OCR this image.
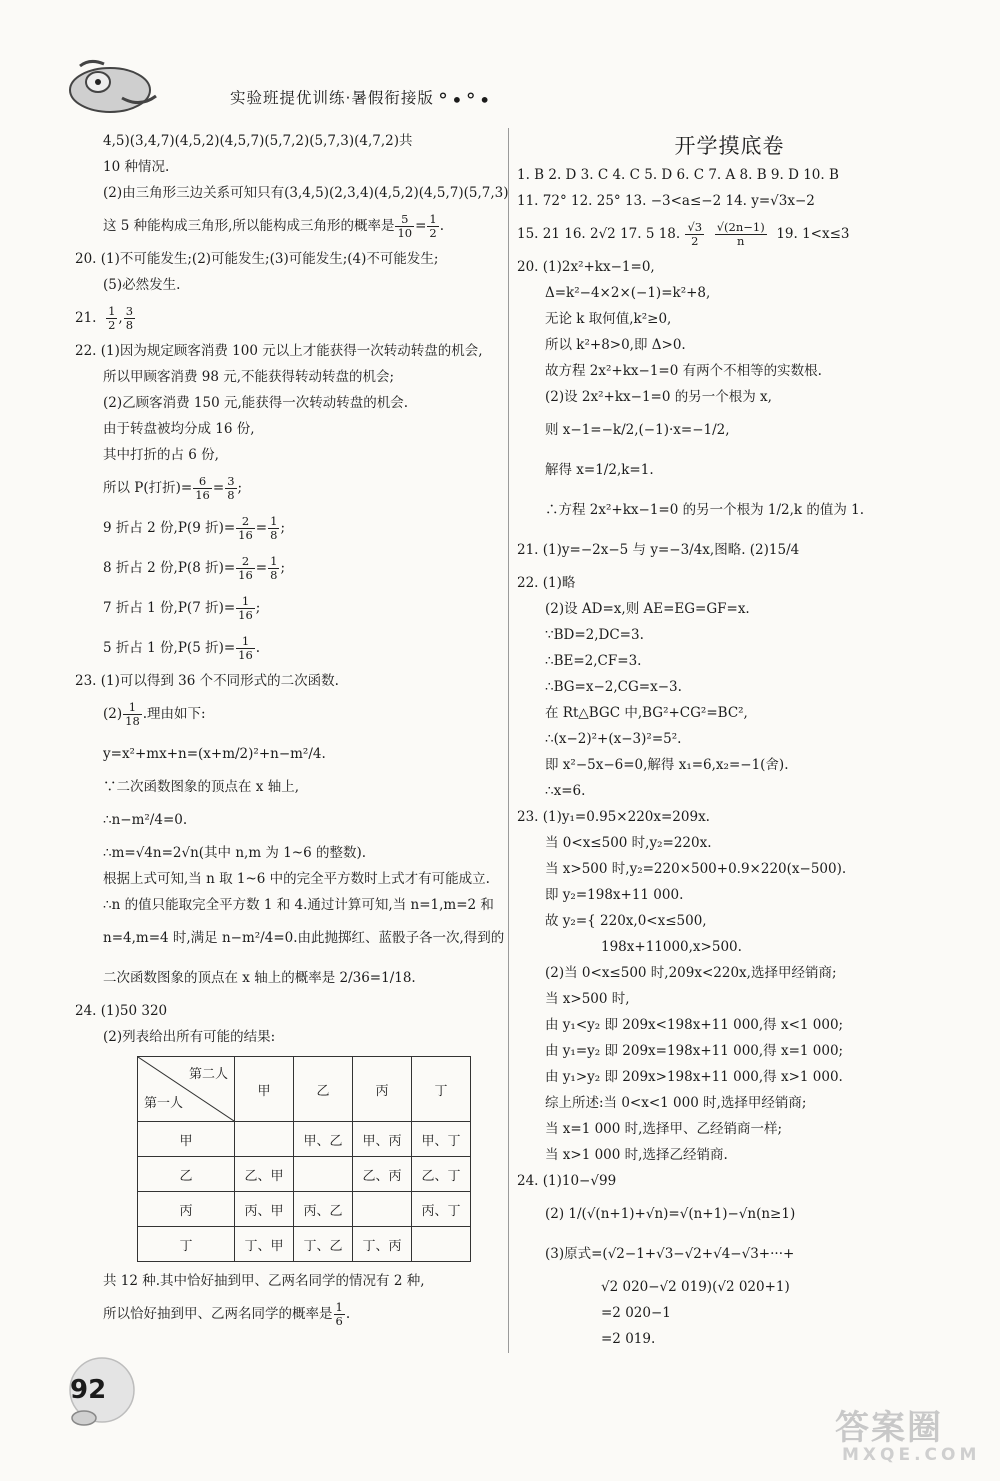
实验班提优训练·暑假衔接版 °•°•
4,5)(3,4,7)(4,5,2)(4,5,7)(5,7,2)(5,7,3)(4,7,2)共
10 种情况.
(2)由三角形三边关系可知只有(3,4,5)(2,3,4)(4,5,2)(4,5,7)(5,7,3)
这 5 种能构成三角形,所以能构成三角形的概率是 $\frac{5}{10} = \frac{1}{2}$ .
20. (1)不可能发生;(2)可能发生;(3)可能发生;(4)不可能发生;
(5)必然发生.
21. $\frac{1}{2}$ , $\frac{3}{8}$
22. (1)因为规定顾客消费 100 元以上才能获得一次转动转盘的机会,
所以甲顾客消费 98 元,不能获得转动转盘的机会;
(2)乙顾客消费 150 元,能获得一次转动转盘的机会.
由于转盘被均分成 16 份,
其中打折的占 6 份,
所以 P(打折)= $\frac{6}{16} = \frac{3}{8}$ ;
9 折占 2 份,P(9 折)= $\frac{2}{16} = \frac{1}{8}$ ;
8 折占 2 份,P(8 折)= $\frac{2}{16} = \frac{1}{8}$ ;
7 折占 1 份,P(7 折)= $\frac{1}{16}$ ;
5 折占 1 份,P(5 折)= $\frac{1}{16}$ .
23. (1)可以得到 36 个不同形式的二次函数.
$(2) \frac{1}{18}$ .理由如下:
y=x²+mx+n=(x+m/2)²+n−m²/4.
∵二次函数图象的顶点在 x 轴上,
∴n−m²/4=0.
∴m=√4n=2√n(其中 n,m 为 1~6 的整数).
根据上式可知,当 n 取 1~6 中的完全平方数时上式才有可能成立.
∴n 的值只能取完全平方数 1 和 4.通过计算可知,当 n=1,m=2 和
n=4,m=4 时,满足 n−m²/4=0.由此抛掷红、蓝骰子各一次,得到的
二次函数图象的顶点在 x 轴上的概率是 2/36=1/18.
24. (1)50 320
(2)列表给出所有可能的结果:
第二人
第一人	甲	乙	丙	丁
甲		甲、乙	甲、丙	甲、丁
乙	乙、甲		乙、丙	乙、丁
丙	丙、甲	丙、乙		丙、丁
丁	丁、甲	丁、乙	丁、丙	
共 12 种.其中恰好抽到甲、乙两名同学的情况有 2 种,
所以恰好抽到甲、乙两名同学的概率是 $\frac{1}{6}$ .
开学摸底卷
1. B 2. D 3. C 4. C 5. D 6. C 7. A 8. B 9. D 10. B
11. 72° 12. 25° 13. −3<a≤−2 14. y=√3x−2
15. 21 16. 2√2 17. 5 18. $\frac{√3}{2}$
$\frac{√(2n-1)}{n} 19$. 1<x≤3
20. (1)2x²+kx−1=0,
Δ=k²−4×2×(−1)=k²+8,
无论 k 取何值,k²≥0,
所以 k²+8>0,即 Δ>0.
故方程 2x²+kx−1=0 有两个不相等的实数根.
(2)设 2x²+kx−1=0 的另一个根为 x,
则 x−1=−k/2,(−1)·x=−1/2,
解得 x=1/2,k=1.
∴方程 2x²+kx−1=0 的另一个根为 1/2,k 的值为 1.
21. (1)y=−2x−5 与 y=−3/4x,图略. (2)15/4
22. (1)略
(2)设 AD=x,则 AE=EG=GF=x.
∵BD=2,DC=3.
∴BE=2,CF=3.
∴BG=x−2,CG=x−3.
在 Rt△BGC 中,BG²+CG²=BC²,
∴(x−2)²+(x−3)²=5².
即 x²−5x−6=0,解得 x₁=6,x₂=−1(舍).
∴x=6.
23. (1)y₁=0.95×220x=209x.
当 0<x≤500 时,y₂=220x.
当 x>500 时,y₂=220×500+0.9×220(x−500).
即 y₂=198x+11 000.
故 y₂={ 220x,0<x≤500,
198x+11000,x>500.
(2)当 0<x≤500 时,209x<220x,选择甲经销商;
当 x>500 时,
由 y₁<y₂ 即 209x<198x+11 000,得 x<1 000;
由 y₁=y₂ 即 209x=198x+11 000,得 x=1 000;
由 y₁>y₂ 即 209x>198x+11 000,得 x>1 000.
综上所述:当 0<x<1 000 时,选择甲经销商;
当 x=1 000 时,选择甲、乙经销商一样;
当 x>1 000 时,选择乙经销商.
24. (1)10−√99
(2) 1/(√(n+1)+√n)=√(n+1)−√n(n≥1)
(3)原式=(√2−1+√3−√2+√4−√3+···+
√2 020−√2 019)(√2 020+1)
=2 020−1
=2 019.
92
答案圈
MXQE.COM
